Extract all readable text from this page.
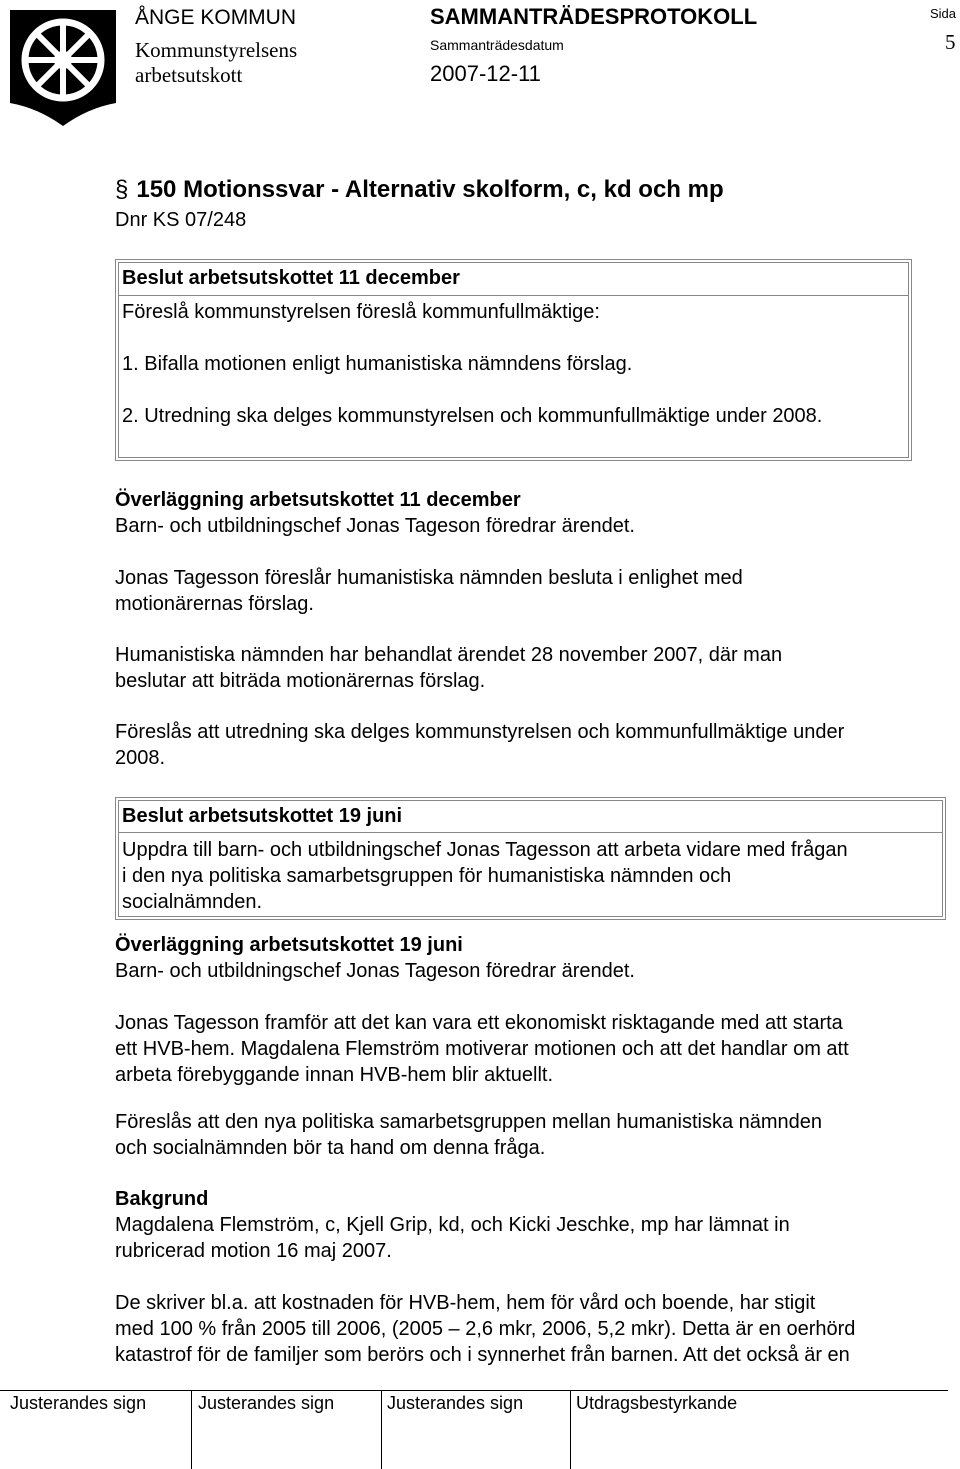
ÅNGE KOMMUN
Kommunstyrelsens
arbetsutskott
SAMMANTRÄDESPROTOKOLL
Sammanträdesdatum
2007-12-11
Sida
5
§ 150 Motionssvar - Alternativ skolform, c, kd och mp
Dnr KS 07/248
Beslut arbetsutskottet 11 december
Föreslå kommunstyrelsen föreslå kommunfullmäktige:
1. Bifalla motionen enligt humanistiska nämndens förslag.
2. Utredning ska delges kommunstyrelsen och kommunfullmäktige under 2008.
Överläggning arbetsutskottet 11 december
Barn- och utbildningschef Jonas Tageson föredrar ärendet.
Jonas Tagesson föreslår humanistiska nämnden besluta i enlighet med
motionärernas förslag.
Humanistiska nämnden har behandlat ärendet 28 november 2007, där man
beslutar att biträda motionärernas förslag.
Föreslås att utredning ska delges kommunstyrelsen och kommunfullmäktige under
2008.
Beslut arbetsutskottet 19 juni
Uppdra till barn- och utbildningschef Jonas Tagesson att arbeta vidare med frågan
i den nya politiska samarbetsgruppen för humanistiska nämnden och
socialnämnden.
Överläggning arbetsutskottet 19 juni
Barn- och utbildningschef Jonas Tageson föredrar ärendet.
Jonas Tagesson framför att det kan vara ett ekonomiskt risktagande med att starta
ett HVB-hem. Magdalena Flemström motiverar motionen och att det handlar om att
arbeta förebyggande innan HVB-hem blir aktuellt.
Föreslås att den nya politiska samarbetsgruppen mellan humanistiska nämnden
och socialnämnden bör ta hand om denna fråga.
Bakgrund
Magdalena Flemström, c, Kjell Grip, kd, och Kicki Jeschke, mp har lämnat in
rubricerad motion 16 maj 2007.
De skriver bl.a. att kostnaden för HVB-hem, hem för vård och boende, har stigit
med 100 % från 2005 till 2006, (2005 – 2,6 mkr, 2006, 5,2 mkr). Detta är en oerhörd
katastrof för de familjer som berörs och i synnerhet från barnen. Att det också är en
Justerandes sign	Justerandes sign	Justerandes sign	Utdragsbestyrkande
